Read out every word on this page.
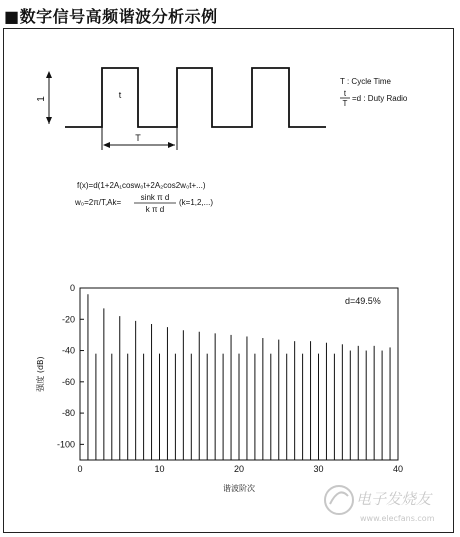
■数字信号高频谐波分析示例
1	t
T
T : Cycle Time
t
T
=d : Duty Radio
f(x)=d(1+2A₁cosw₀t+2A₂cos2w₀t+...)
w₀=2π/T,Ak=
sink π d
k π d
(k=1,2,...)
0	10	20	30	40
0
-20
-40
-60
-80
-100
d=49.5%
谐波阶次
强度 (dB)
电子发烧友
www.elecfans.com
